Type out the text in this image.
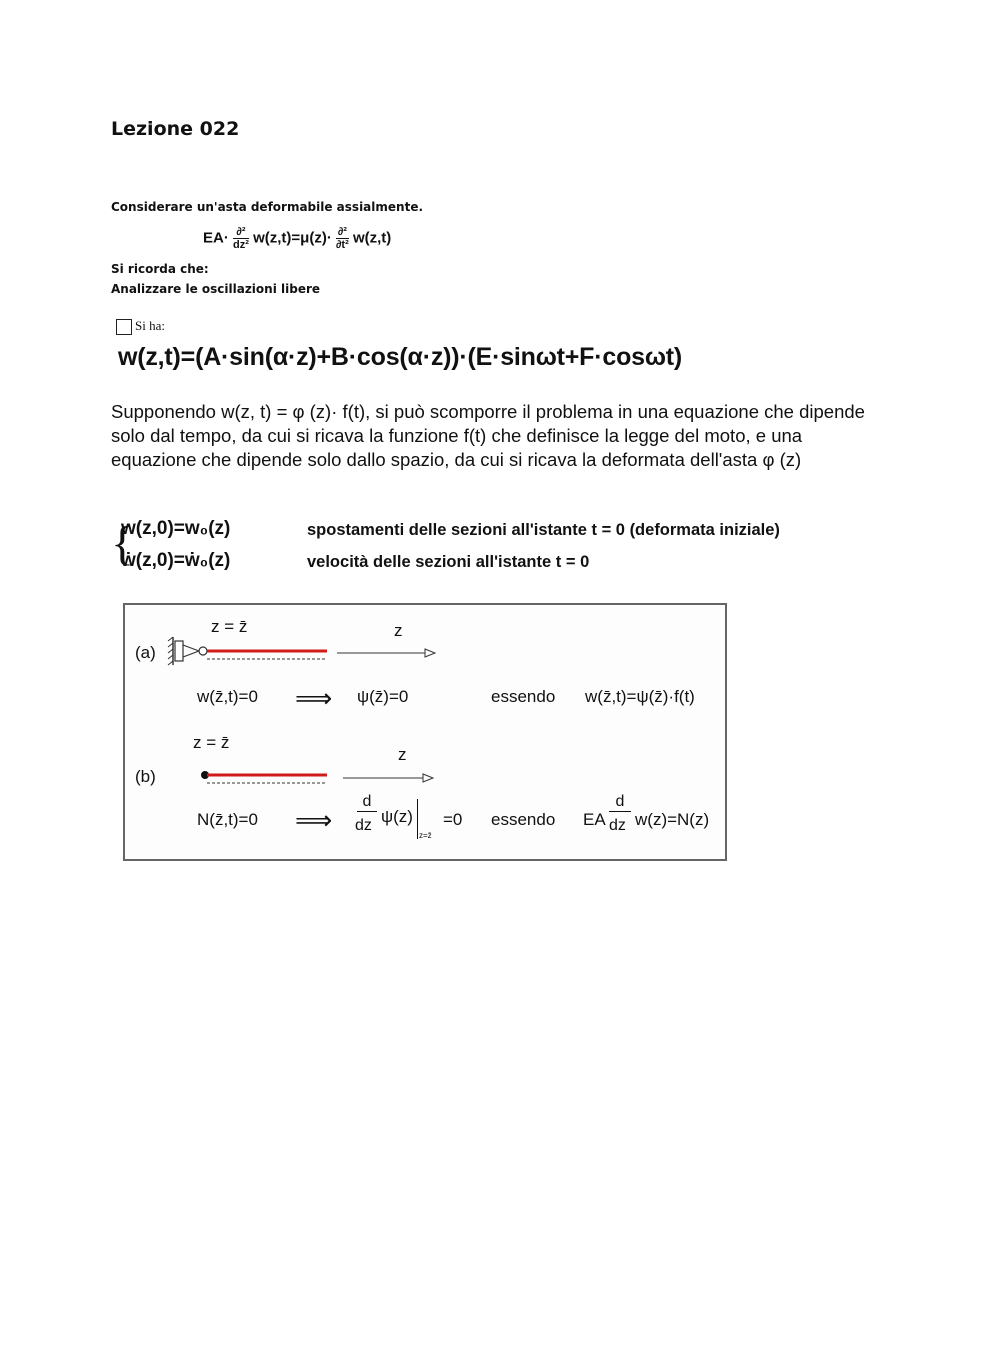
Lezione 022
Considerare un'asta deformabile assialmente.
$EA\cdot \frac{\text{∂²}}{\text{dz²}} w(z,t)=\mu(z)\cdot \frac{\text{∂²}}{\text{∂t²}} w(z,t)$
Si ricorda che:
Analizzare le oscillazioni libere
Si ha:
w(z,t)=(A·sin(α·z)+B·cos(α·z))·(E·sinωt+F·cosωt)
Supponendo w(z, t) = φ (z)· f(t), si può scomporre il problema in una equazione che dipende solo dal tempo, da cui si ricava la funzione f(t) che definisce la legge del moto, e una equazione che dipende solo dallo spazio, da cui si ricava la deformata dell'asta φ (z)
{
w(z,0)=w₀(z)
ẇ(z,0)=ẇ₀(z)
spostamenti delle sezioni all'istante t = 0 (deformata iniziale)
velocità delle sezioni all'istante t = 0
(a)
z = z̄	z
w(z̄,t)=0 ⟹ ψ(z̄)=0	essendo w(z̄,t)=ψ(z̄)·f(t)
(b)
z = z̄
z
N(z̄,t)=0 ⟹
d
dz ψ(z)
z=z̄
=0 essendo EA
d
dz w(z)=N(z)
